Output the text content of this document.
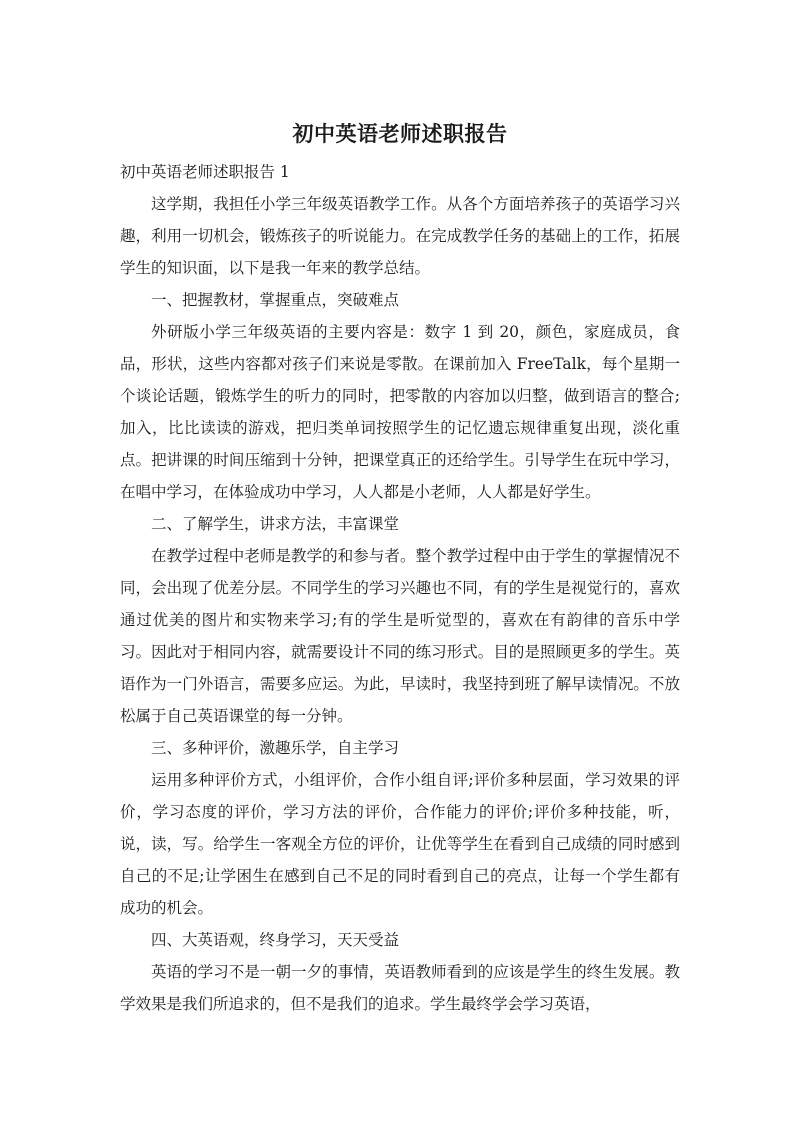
初中英语老师述职报告

初中英语老师述职报告 1

这学期，我担任小学三年级英语教学工作。从各个方面培养孩子的英语学习兴趣，利用一切机会，锻炼孩子的听说能力。在完成教学任务的基础上的工作，拓展学生的知识面，以下是我一年来的教学总结。

一、把握教材，掌握重点，突破难点

外研版小学三年级英语的主要内容是：数字 1 到 20，颜色，家庭成员，食品，形状，这些内容都对孩子们来说是零散。在课前加入 FreeTalk，每个星期一个谈论话题，锻炼学生的听力的同时，把零散的内容加以归整，做到语言的整合;加入，比比读读的游戏，把归类单词按照学生的记忆遗忘规律重复出现，淡化重点。把讲课的时间压缩到十分钟，把课堂真正的还给学生。引导学生在玩中学习，在唱中学习，在体验成功中学习，人人都是小老师，人人都是好学生。

二、了解学生，讲求方法，丰富课堂

在教学过程中老师是教学的和参与者。整个教学过程中由于学生的掌握情况不同，会出现了优差分层。不同学生的学习兴趣也不同，有的学生是视觉行的，喜欢通过优美的图片和实物来学习;有的学生是听觉型的，喜欢在有韵律的音乐中学习。因此对于相同内容，就需要设计不同的练习形式。目的是照顾更多的学生。英语作为一门外语言，需要多应运。为此，早读时，我坚持到班了解早读情况。不放松属于自己英语课堂的每一分钟。

三、多种评价，激趣乐学，自主学习

运用多种评价方式，小组评价，合作小组自评;评价多种层面，学习效果的评价，学习态度的评价，学习方法的评价，合作能力的评价;评价多种技能，听，说，读，写。给学生一客观全方位的评价，让优等学生在看到自己成绩的同时感到自己的不足;让学困生在感到自己不足的同时看到自己的亮点，让每一个学生都有成功的机会。

四、大英语观，终身学习，天天受益

英语的学习不是一朝一夕的事情，英语教师看到的应该是学生的终生发展。教学效果是我们所追求的，但不是我们的追求。学生最终学会学习英语，
